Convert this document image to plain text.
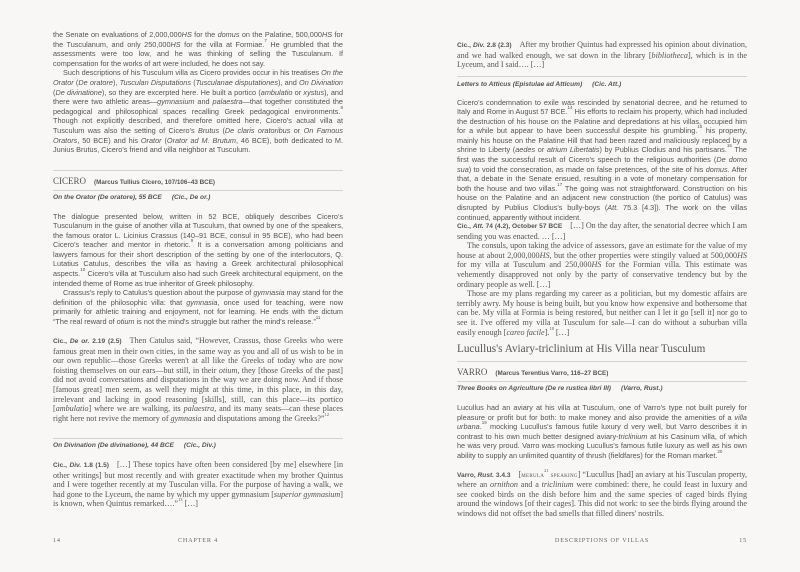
the Senate on evaluations of 2,000,000HS for the domus on the Palatine, 500,000HS for the Tusculanum, and only 250,000HS for the villa at Formiae.$^7$ He grumbled that the assessments were too low, and he was thinking of selling the Tusculanum. If compensation for the works of art were included, he does not say.

Such descriptions of his Tusculum villa as Cicero provides occur in his treatises On the Orator (De oratore), Tusculan Disputations (Tusculanae disputationes), and On Divination (De divinatione), so they are excerpted here. He built a portico (ambulatio or xystus), and there were two athletic areas—gymnasium and palaestra—that together constituted the pedagogical and philosophical spaces recalling Greek pedagogical environments.$^8$ Though not explicitly described, and therefore omitted here, Cicero's actual villa at Tusculum was also the setting of Cicero's Brutus (De claris oratoribus or On Famous Orators, 50 BCE) and his Orator (Orator ad M. Brutum, 46 BCE), both dedicated to M. Junius Brutus, Cicero's friend and villa neighbor at Tusculum.

CICERO (Marcus Tullius Cicero, 107/106–43 BCE)
On the Orator (De oratore), 55 BCE (Cic., De or.)

The dialogue presented below, written in 52 BCE, obliquely describes Cicero's Tusculanum in the guise of another villa at Tusculum, that owned by one of the speakers, the famous orator L. Licinius Crassus (140–91 BCE, consul in 95 BCE), who had been Cicero's teacher and mentor in rhetoric.$^9$ It is a conversation among politicians and lawyers famous for their short description of the setting by one of the interlocutors, Q. Lutatius Catulus, describes the villa as having a Greek architectural philosophical aspects.$^{10}$ Cicero's villa at Tusculum also had such Greek architectural equipment, on the intended theme of Rome as true inheritor of Greek philosophy.

Crassus's reply to Catulus's question about the purpose of gymnasia may stand for the definition of the philosophic villa: that gymnasia, once used for teaching, were now primarily for athletic training and enjoyment, not for learning. He ends with the dictum “The real reward of otium is not the mind's struggle but rather the mind's release.”$^{11}$

Cic., De or. 2.19 (2.5) Then Catulus said, “However, Crassus, those Greeks who were famous great men in their own cities, in the same way as you and all of us wish to be in our own republic—those Greeks weren't at all like the Greeks of today who are now foisting themselves on our ears—but still, in their otium, they [those Greeks of the past] did not avoid conversations and disputations in the way we are doing now. And if those [famous great] men seem, as well they might at this time, in this place, in this day, irrelevant and lacking in good reasoning [skills], still, can this place—its portico [ambulatio] where we are walking, its palaestra, and its many seats—can these places right here not revive the memory of gymnasia and disputations among the Greeks?”$^{12}$

On Divination (De divinatione), 44 BCE (Cic., Div.)

Cic., Div. 1.8 (1.5) […] These topics have often been considered [by me] elsewhere [in other writings] but most recently and with greater exactitude when my brother Quintus and I were together recently at my Tusculan villa. For the purpose of having a walk, we had gone to the Lyceum, the name by which my upper gymnasium [superior gymnasium] is known, when Quintus remarked….”$^{13}$ […]

14	CHAPTER 4

Cic., Div. 2.8 (2.3) After my brother Quintus had expressed his opinion about divination, and we had walked enough, we sat down in the library [bibliotheca], which is in the Lyceum, and I said…. […]

Letters to Atticus (Epistulae ad Atticum) (Cic. Att.)

Cicero's condemnation to exile was rescinded by senatorial decree, and he returned to Italy and Rome in August 57 BCE.$^{14}$ His efforts to reclaim his property, which had included the destruction of his house on the Palatine and depredations at his villas, occupied him for a while but appear to have been successful despite his grumbling.$^{15}$ his property, mainly his house on the Palatine Hill that had been razed and maliciously replaced by a shrine to Liberty (aedes or atrium Libertatis) by Publius Clodius and his partisans.$^{16}$ The first was the successful result of Cicero's speech to the religious authorities (De domo sua) to void the consecration, as made on false pretences, of the site of his domus. After that, a debate in the Senate ensued, resulting in a vote of monetary compensation for both the house and two villas.$^{17}$ The going was not straightforward. Construction on his house on the Palatine and an adjacent new construction (the portico of Catulus) was disrupted by Publius Clodius's bully-boys (Att. 75.3 [4.3]). The work on the villas continued, apparently without incident.

Cic., Att. 74 (4.2), October 57 BCE […] On the day after, the senatorial decree which I am sending you was enacted. … […]

The consuls, upon taking the advice of assessors, gave an estimate for the value of my house at about 2,000,000HS, but the other properties were stingily valued at 500,000HS for my villa at Tusculum and 250,000HS for the Formian villa. This estimate was vehemently disapproved not only by the party of conservative tendency but by the ordinary people as well. […]

Those are my plans regarding my career as a politician, but my domestic affairs are terribly awry. My house is being built, but you know how expensive and bothersome that can be. My villa at Formia is being restored, but neither can I let it go [sell it] nor go to see it. I've offered my villa at Tusculum for sale—I can do without a suburban villa easily enough [careo facile].$^{18}$ […]

Lucullus's Aviary-triclinium at His Villa near Tusculum
VARRO (Marcus Terentius Varro, 116–27 BCE)
Three Books on Agriculture (De re rustica libri III) (Varro, Rust.)

Lucullus had an aviary at his villa at Tusculum, one of Varro's type not built purely for pleasure or profit but for both: to make money and also provide the amenities of a villa urbana.$^{19}$ mocking Lucullus's famous futile luxury d very well, but Varro describes it in contrast to his own much better designed aviary-triclinium at his Casinum villa, of which he was very proud. Varro was mocking Lucullus's famous futile luxury as well as his own ability to supply an unlimited quantity of thrush (fieldfares) for the Roman market.$^{20}$

Varro, Rust. 3.4.3 [merula$^{21}$ speaking] “Lucullus [had] an aviary at his Tusculan property, where an ornithon and a triclinium were combined: there, he could feast in luxury and see cooked birds on the dish before him and the same species of caged birds flying around the windows [of their cages]. This did not work: to see the birds flying around the windows did not offset the bad smells that filled diners' nostrils.

DESCRIPTIONS OF VILLAS	15
